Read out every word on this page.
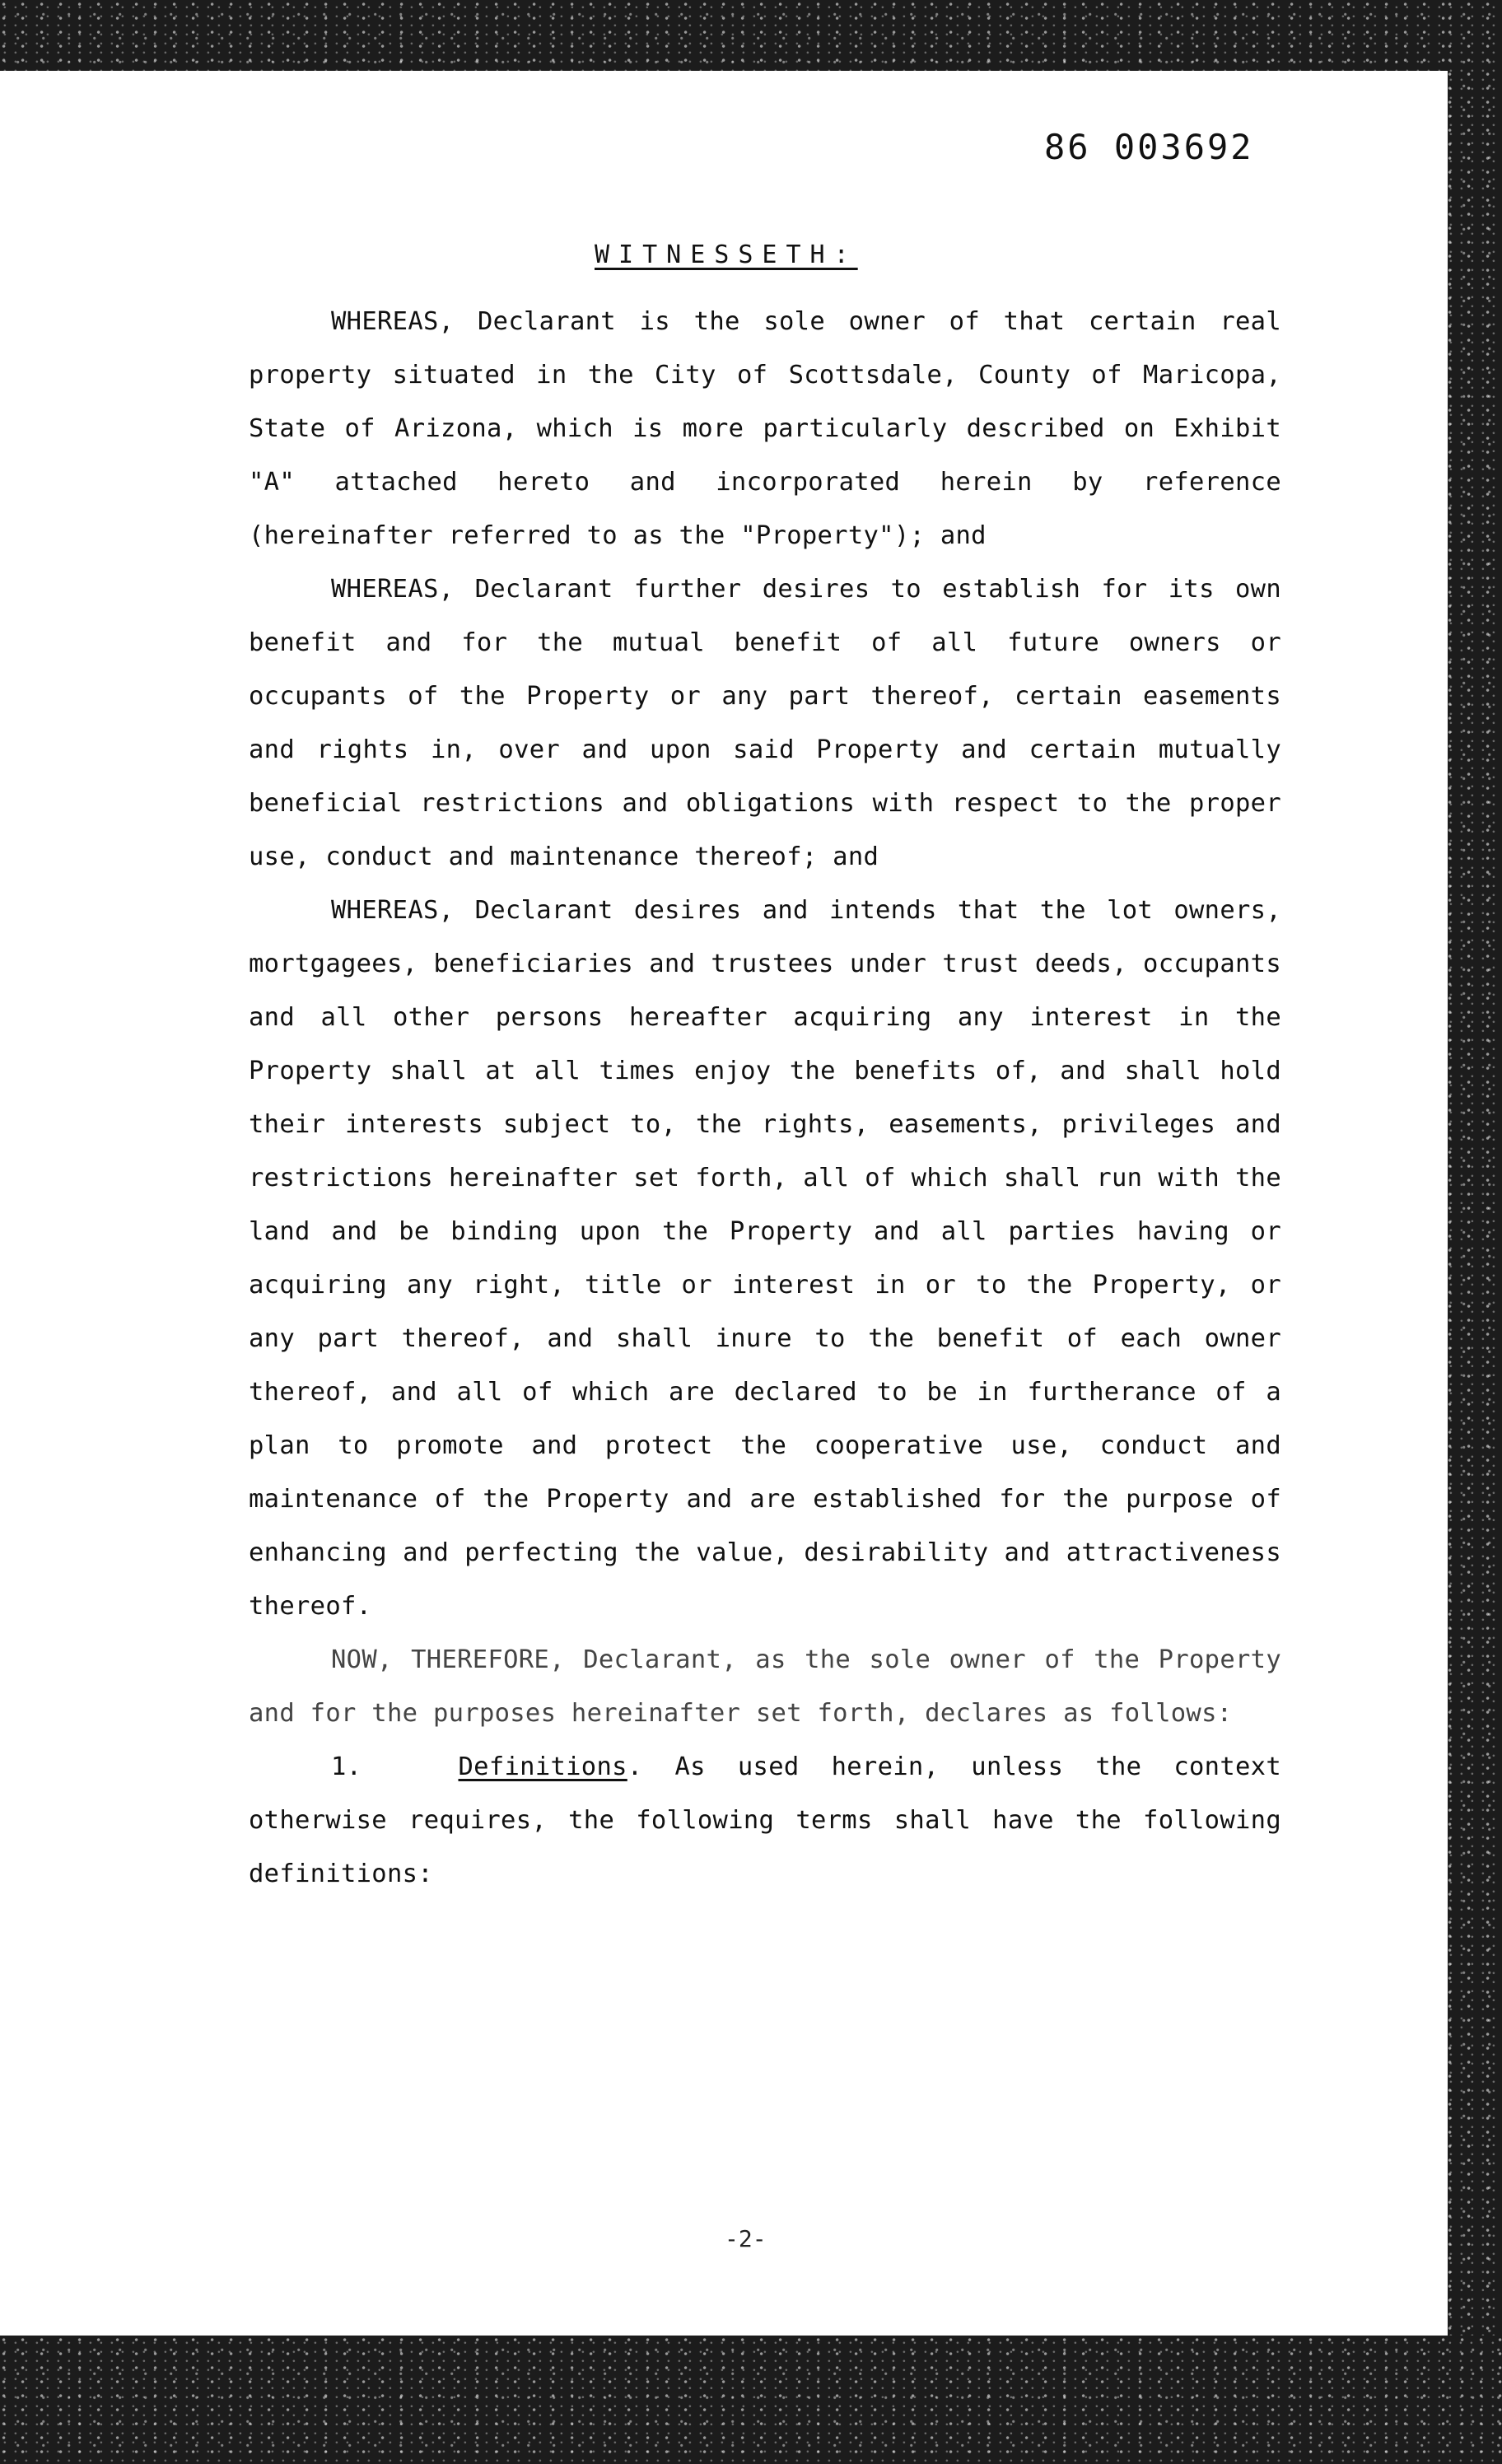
86 003692
WITNESSETH:

WHEREAS, Declarant is the sole owner of that certain real property situated in the City of Scottsdale, County of Maricopa, State of Arizona, which is more particularly described on Exhibit "A" attached hereto and incorporated herein by reference (hereinafter referred to as the "Property"); and

WHEREAS, Declarant further desires to establish for its own benefit and for the mutual benefit of all future owners or occupants of the Property or any part thereof, certain easements and rights in, over and upon said Property and certain mutually beneficial restrictions and obligations with respect to the proper use, conduct and maintenance thereof; and

WHEREAS, Declarant desires and intends that the lot owners, mortgagees, beneficiaries and trustees under trust deeds, occupants and all other persons hereafter acquiring any interest in the Property shall at all times enjoy the benefits of, and shall hold their interests subject to, the rights, easements, privileges and restrictions hereinafter set forth, all of which shall run with the land and be binding upon the Property and all parties having or acquiring any right, title or interest in or to the Property, or any part thereof, and shall inure to the benefit of each owner thereof, and all of which are declared to be in furtherance of a plan to promote and protect the cooperative use, conduct and maintenance of the Property and are established for the purpose of enhancing and perfecting the value, desirability and attractiveness thereof.

NOW, THEREFORE, Declarant, as the sole owner of the Property and for the purposes hereinafter set forth, declares as follows:

1.	Definitions. As used herein, unless the context otherwise requires, the following terms shall have the following definitions:

-2-
